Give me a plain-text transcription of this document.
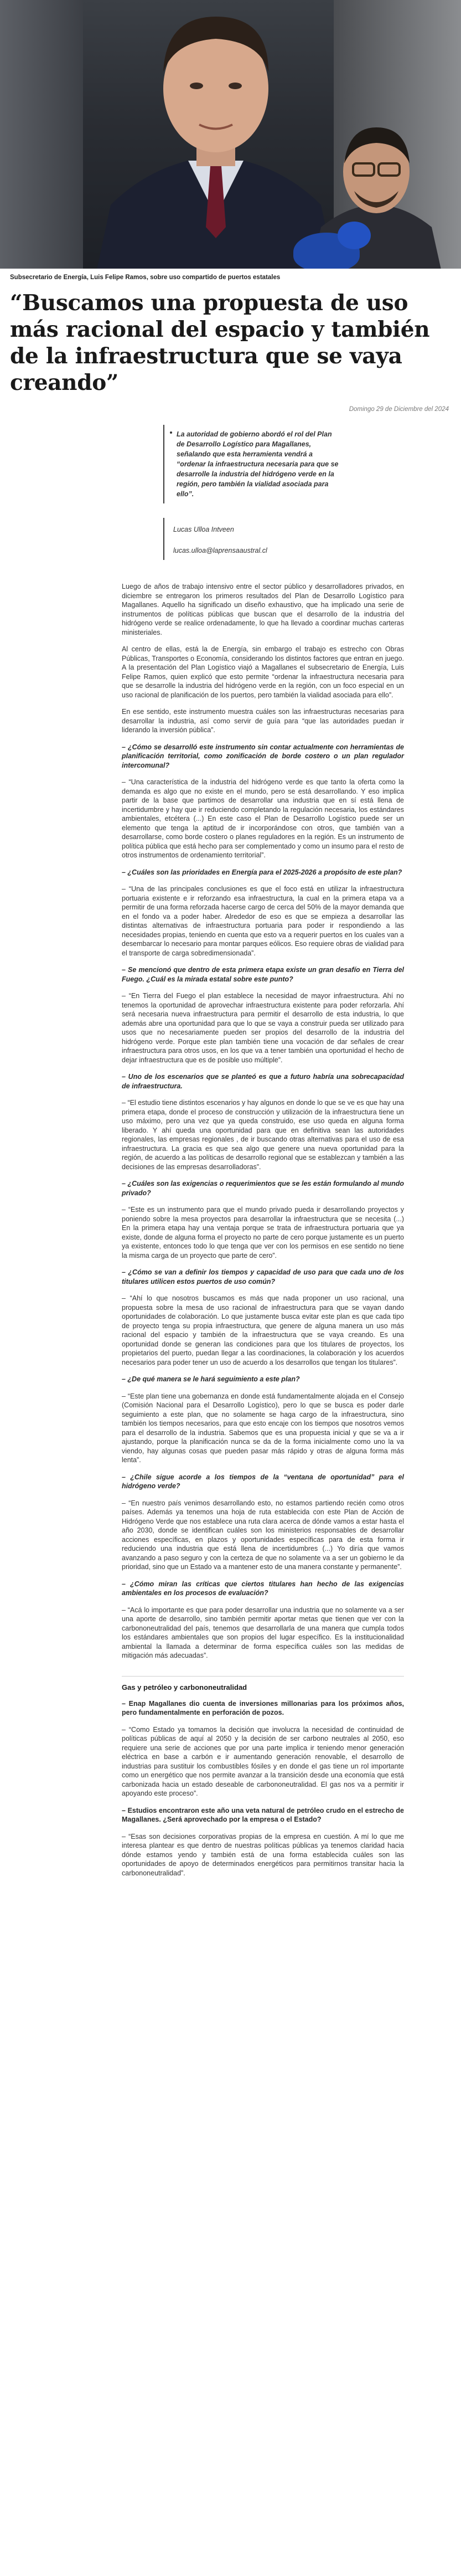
Subsecretario de Energía, Luis Felipe Ramos, sobre uso compartido de puertos estatales
“Buscamos una propuesta de uso más racional del espacio y también de la infraestructura que se vaya creando”
Domingo 29 de Diciembre del 2024

La autoridad de gobierno abordó el rol del Plan de Desarrollo Logístico para Magallanes, señalando que esta herramienta vendrá a “ordenar la infraestructura necesaria para que se desarrolle la industria del hidrógeno verde en la región, pero también la vialidad asociada para ello”.

Lucas Ulloa Intveen
lucas.ulloa@laprensaaustral.cl

Luego de años de trabajo intensivo entre el sector público y desarrolladores privados, en diciembre se entregaron los primeros resultados del Plan de Desarrollo Logístico para Magallanes. Aquello ha significado un diseño exhaustivo, que ha implicado una serie de instrumentos de políticas públicas que buscan que el desarrollo de la industria del hidrógeno verde se realice ordenadamente, lo que ha llevado a coordinar muchas carteras ministeriales.

Al centro de ellas, está la de Energía, sin embargo el trabajo es estrecho con Obras Públicas, Transportes o Economía, considerando los distintos factores que entran en juego. A la presentación del Plan Logístico viajó a Magallanes el subsecretario de Energía, Luis Felipe Ramos, quien explicó que esto permite “ordenar la infraestructura necesaria para que se desarrolle la industria del hidrógeno verde en la región, con un foco especial en un uso racional de planificación de los puertos, pero también la vialidad asociada para ello”.

En ese sentido, este instrumento muestra cuáles son las infraestructuras necesarias para desarrollar la industria, así como servir de guía para “que las autoridades puedan ir liderando la inversión pública”.

– ¿Cómo se desarrolló este instrumento sin contar actualmente con herramientas de planificación territorial, como zonificación de borde costero o un plan regulador intercomunal?

– “Una característica de la industria del hidrógeno verde es que tanto la oferta como la demanda es algo que no existe en el mundo, pero se está desarrollando. Y eso implica partir de la base que partimos de desarrollar una industria que en sí está llena de incertidumbre y hay que ir reduciendo completando la regulación necesaria, los estándares ambientales, etcétera (...) En este caso el Plan de Desarrollo Logístico puede ser un elemento que tenga la aptitud de ir incorporándose con otros, que también van a desarrollarse, como borde costero o planes reguladores en la región. Es un instrumento de política pública que está hecho para ser complementado y como un insumo para el resto de otros instrumentos de ordenamiento territorial”.

– ¿Cuáles son las prioridades en Energía para el 2025-2026 a propósito de este plan?

– “Una de las principales conclusiones es que el foco está en utilizar la infraestructura portuaria existente e ir reforzando esa infraestructura, la cual en la primera etapa va a permitir de una forma reforzada hacerse cargo de cerca del 50% de la mayor demanda que en el fondo va a poder haber. Alrededor de eso es que se empieza a desarrollar las distintas alternativas de infraestructura portuaria para poder ir respondiendo a las necesidades propias, teniendo en cuenta que esto va a requerir puertos en los cuales van a desembarcar lo necesario para montar parques eólicos. Eso requiere obras de vialidad para el transporte de carga sobredimensionada”.

– Se mencionó que dentro de esta primera etapa existe un gran desafío en Tierra del Fuego. ¿Cuál es la mirada estatal sobre este punto?

– “En Tierra del Fuego el plan establece la necesidad de mayor infraestructura. Ahí no tenemos la oportunidad de aprovechar infraestructura existente para poder reforzarla. Ahí será necesaria nueva infraestructura para permitir el desarrollo de esta industria, lo que además abre una oportunidad para que lo que se vaya a construir pueda ser utilizado para usos que no necesariamente pueden ser propios del desarrollo de la industria del hidrógeno verde. Porque este plan también tiene una vocación de dar señales de crear infraestructura para otros usos, en los que va a tener también una oportunidad el hecho de dejar infraestructura que es de posible uso múltiple”.

– Uno de los escenarios que se planteó es que a futuro habría una sobrecapacidad de infraestructura.

– “El estudio tiene distintos escenarios y hay algunos en donde lo que se ve es que hay una primera etapa, donde el proceso de construcción y utilización de la infraestructura tiene un uso máximo, pero una vez que ya queda construido, ese uso queda en alguna forma liberado. Y ahí queda una oportunidad para que en definitiva sean las autoridades regionales, las empresas regionales , de ir buscando otras alternativas para el uso de esa infraestructura. La gracia es que sea algo que genere una nueva oportunidad para la región, de acuerdo a las políticas de desarrollo regional que se establezcan y también a las decisiones de las empresas desarrolladoras”.

– ¿Cuáles son las exigencias o requerimientos que se les están formulando al mundo privado?

– “Este es un instrumento para que el mundo privado pueda ir desarrollando proyectos y poniendo sobre la mesa proyectos para desarrollar la infraestructura que se necesita (...) En la primera etapa hay una ventaja porque se trata de infraestructura portuaria que ya existe, donde de alguna forma el proyecto no parte de cero porque justamente es un puerto ya existente, entonces todo lo que tenga que ver con los permisos en ese sentido no tiene la misma carga de un proyecto que parte de cero”.

– ¿Cómo se van a definir los tiempos y capacidad de uso para que cada uno de los titulares utilicen estos puertos de uso común?

– “Ahí lo que nosotros buscamos es más que nada proponer un uso racional, una propuesta sobre la mesa de uso racional de infraestructura para que se vayan dando oportunidades de colaboración. Lo que justamente busca evitar este plan es que cada tipo de proyecto tenga su propia infraestructura, que genere de alguna manera un uso más racional del espacio y también de la infraestructura que se vaya creando. Es una oportunidad donde se generan las condiciones para que los titulares de proyectos, los propietarios del puerto, puedan llegar a las coordinaciones, la colaboración y los acuerdos necesarios para poder tener un uso de acuerdo a los desarrollos que tengan los titulares”.

– ¿De qué manera se le hará seguimiento a este plan?

– “Este plan tiene una gobernanza en donde está fundamentalmente alojada en el Consejo (Comisión Nacional para el Desarrollo Logístico), pero lo que se busca es poder darle seguimiento a este plan, que no solamente se haga cargo de la infraestructura, sino también los tiempos necesarios, para que esto encaje con los tiempos que nosotros vemos para el desarrollo de la industria. Sabemos que es una propuesta inicial y que se va a ir ajustando, porque la planificación nunca se da de la forma inicialmente como uno la va viendo, hay algunas cosas que pueden pasar más rápido y otras de alguna forma más lenta”.

– ¿Chile sigue acorde a los tiempos de la “ventana de oportunidad” para el hidrógeno verde?

– “En nuestro país venimos desarrollando esto, no estamos partiendo recién como otros países. Además ya tenemos una hoja de ruta establecida con este Plan de Acción de Hidrógeno Verde que nos establece una ruta clara acerca de dónde vamos a estar hasta el año 2030, donde se identifican cuáles son los ministerios responsables de desarrollar acciones específicas, en plazos y oportunidades específicas para de esta forma ir reduciendo una industria que está llena de incertidumbres (...) Yo diría que vamos avanzando a paso seguro y con la certeza de que no solamente va a ser un gobierno le da prioridad, sino que un Estado va a mantener esto de una manera constante y permanente”.

– ¿Cómo miran las críticas que ciertos titulares han hecho de las exigencias ambientales en los procesos de evaluación?

– “Acá lo importante es que para poder desarrollar una industria que no solamente va a ser una aporte de desarrollo, sino también permitir aportar metas que tienen que ver con la carbononeutralidad del país, tenemos que desarrollarla de una manera que cumpla todos los estándares ambientales que son propios del lugar específico. Es la institucionalidad ambiental la llamada a determinar de forma específica cuáles son las medidas de mitigación más adecuadas”.

Gas y petróleo y carbononeutralidad

– Enap Magallanes dio cuenta de inversiones millonarias para los próximos años, pero fundamentalmente en perforación de pozos.

– “Como Estado ya tomamos la decisión que involucra la necesidad de continuidad de políticas públicas de aquí al 2050 y la decisión de ser carbono neutrales al 2050, eso requiere una serie de acciones que por una parte implica ir teniendo menor generación eléctrica en base a carbón e ir aumentando generación renovable, el desarrollo de industrias para sustituir los combustibles fósiles y en donde el gas tiene un rol importante como un energético que nos permite avanzar a la transición desde una economía que está carbonizada hacia un estado deseable de carbononeutralidad. El gas nos va a permitir ir apoyando este proceso”.

– Estudios encontraron este año una veta natural de petróleo crudo en el estrecho de Magallanes. ¿Será aprovechado por la empresa o el Estado?

– “Esas son decisiones corporativas propias de la empresa en cuestión. A mí lo que me interesa plantear es que dentro de nuestras políticas públicas ya tenemos claridad hacia dónde estamos yendo y también está de una forma establecida cuáles son las oportunidades de apoyo de determinados energéticos para permitirnos transitar hacia la carbononeutralidad”.
